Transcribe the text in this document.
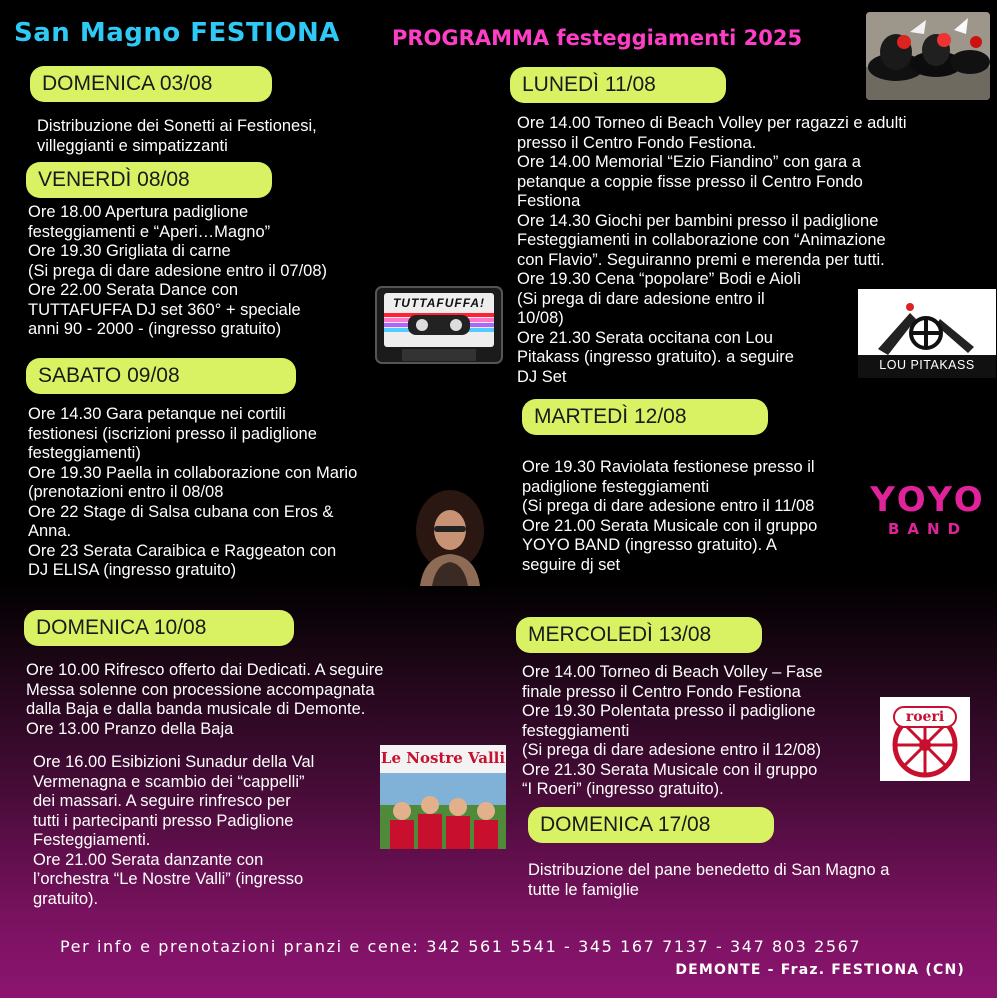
San Magno FESTIONA PROGRAMMA festeggiamenti 2025
DOMENICA 03/08
Distribuzione dei Sonetti ai Festionesi,
villeggianti e simpatizzanti
VENERDÌ 08/08
Ore 18.00 Apertura padiglione
festeggiamenti e “Aperi…Magno”
Ore 19.30 Grigliata di carne
(Si prega di dare adesione entro il 07/08)
Ore 22.00 Serata Dance con
TUTTAFUFFA DJ set 360° + speciale
anni 90 - 2000 - (ingresso gratuito)
TUTTAFUFFA!
SABATO 09/08
Ore 14.30 Gara petanque nei cortili
festionesi (iscrizioni presso il padiglione
festeggiamenti)
Ore 19.30 Paella in collaborazione con Mario
(prenotazioni entro il 08/08
Ore 22 Stage di Salsa cubana con Eros &
Anna.
Ore 23 Serata Caraibica e Raggeaton con
DJ ELISA (ingresso gratuito)
DOMENICA 10/08
Ore 10.00 Rifresco offerto dai Dedicati. A seguire
Messa solenne con processione accompagnata
dalla Baja e dalla banda musicale di Demonte.
Ore 13.00 Pranzo della Baja
Ore 16.00 Esibizioni Sunadur della Val
Vermenagna e scambio dei “cappelli”
dei massari. A seguire rinfresco per
tutti i partecipanti presso Padiglione
Festeggiamenti.
Ore 21.00 Serata danzante con
l’orchestra “Le Nostre Valli” (ingresso
gratuito).
Le Nostre Valli
LUNEDÌ 11/08
Ore 14.00 Torneo di Beach Volley per ragazzi e adulti
presso il Centro Fondo Festiona.
Ore 14.00 Memorial “Ezio Fiandino” con gara a
petanque a coppie fisse presso il Centro Fondo
Festiona
Ore 14.30 Giochi per bambini presso il padiglione
Festeggiamenti in collaborazione con “Animazione
con Flavio”. Seguiranno premi e merenda per tutti.
Ore 19.30 Cena “popolare” Bodi e Aiolì
(Si prega di dare adesione entro il
10/08)
Ore 21.30 Serata occitana con Lou
Pitakass (ingresso gratuito). a seguire
DJ Set
LOU PITAKASS
MARTEDÌ 12/08
Ore 19.30 Raviolata festionese presso il
padiglione festeggiamenti
(Si prega di dare adesione entro il 11/08
Ore 21.00 Serata Musicale con il gruppo
YOYO BAND (ingresso gratuito). A
seguire dj set
YOYO
BAND
MERCOLEDÌ 13/08
Ore 14.00 Torneo di Beach Volley – Fase
finale presso il Centro Fondo Festiona
Ore 19.30 Polentata presso il padiglione
festeggiamenti
(Si prega di dare adesione entro il 12/08)
Ore 21.30 Serata Musicale con il gruppo
“I Roeri” (ingresso gratuito).
roeri
DOMENICA 17/08
Distribuzione del pane benedetto di San Magno a
tutte le famiglie
Per info e prenotazioni pranzi e cene: 342 561 5541 - 345 167 7137 - 347 803 2567
DEMONTE - Fraz. FESTIONA (CN)
